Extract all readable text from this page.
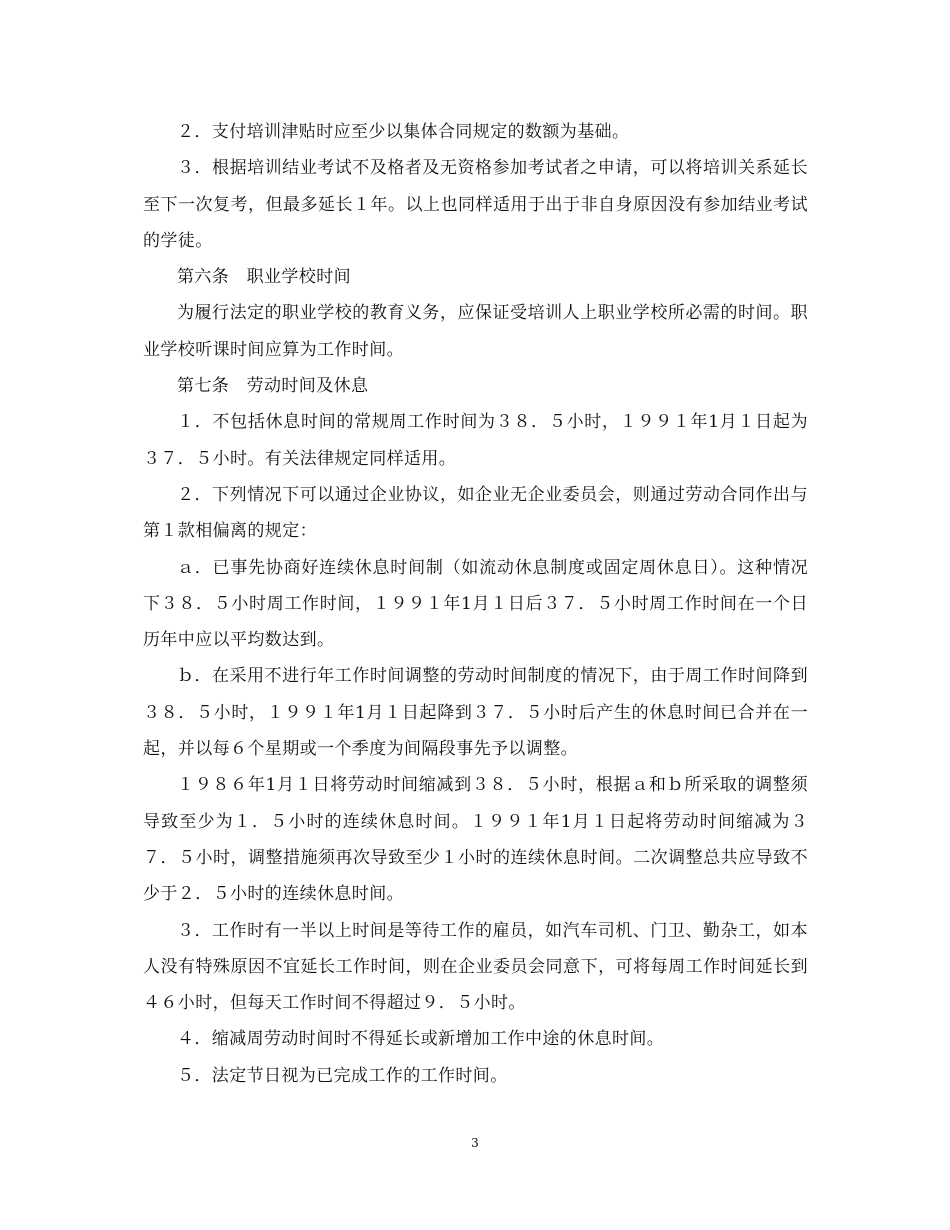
２．支付培训津贴时应至少以集体合同规定的数额为基础。

３．根据培训结业考试不及格者及无资格参加考试者之申请，可以将培训关系延长至下一次复考，但最多延长１年。以上也同样适用于出于非自身原因没有参加结业考试的学徒。

第六条　职业学校时间

为履行法定的职业学校的教育义务，应保证受培训人上职业学校所必需的时间。职业学校听课时间应算为工作时间。

第七条　劳动时间及休息

１．不包括休息时间的常规周工作时间为３８．５小时，１９９１年1月１日起为３７．５小时。有关法律规定同样适用。

２．下列情况下可以通过企业协议，如企业无企业委员会，则通过劳动合同作出与第１款相偏离的规定：

ａ．已事先协商好连续休息时间制（如流动休息制度或固定周休息日）。这种情况下３８．５小时周工作时间，１９９１年1月１日后３７．５小时周工作时间在一个日历年中应以平均数达到。

ｂ．在采用不进行年工作时间调整的劳动时间制度的情况下，由于周工作时间降到３８．５小时，１９９１年1月１日起降到３７．５小时后产生的休息时间已合并在一起，并以每６个星期或一个季度为间隔段事先予以调整。

１９８６年1月１日将劳动时间缩减到３８．５小时，根据ａ和ｂ所采取的调整须导致至少为１．５小时的连续休息时间。１９９１年1月１日起将劳动时间缩减为３７．５小时，调整措施须再次导致至少１小时的连续休息时间。二次调整总共应导致不少于２．５小时的连续休息时间。

３．工作时有一半以上时间是等待工作的雇员，如汽车司机、门卫、勤杂工，如本人没有特殊原因不宜延长工作时间，则在企业委员会同意下，可将每周工作时间延长到４６小时，但每天工作时间不得超过９．５小时。

４．缩减周劳动时间时不得延长或新增加工作中途的休息时间。

５．法定节日视为已完成工作的工作时间。

3
